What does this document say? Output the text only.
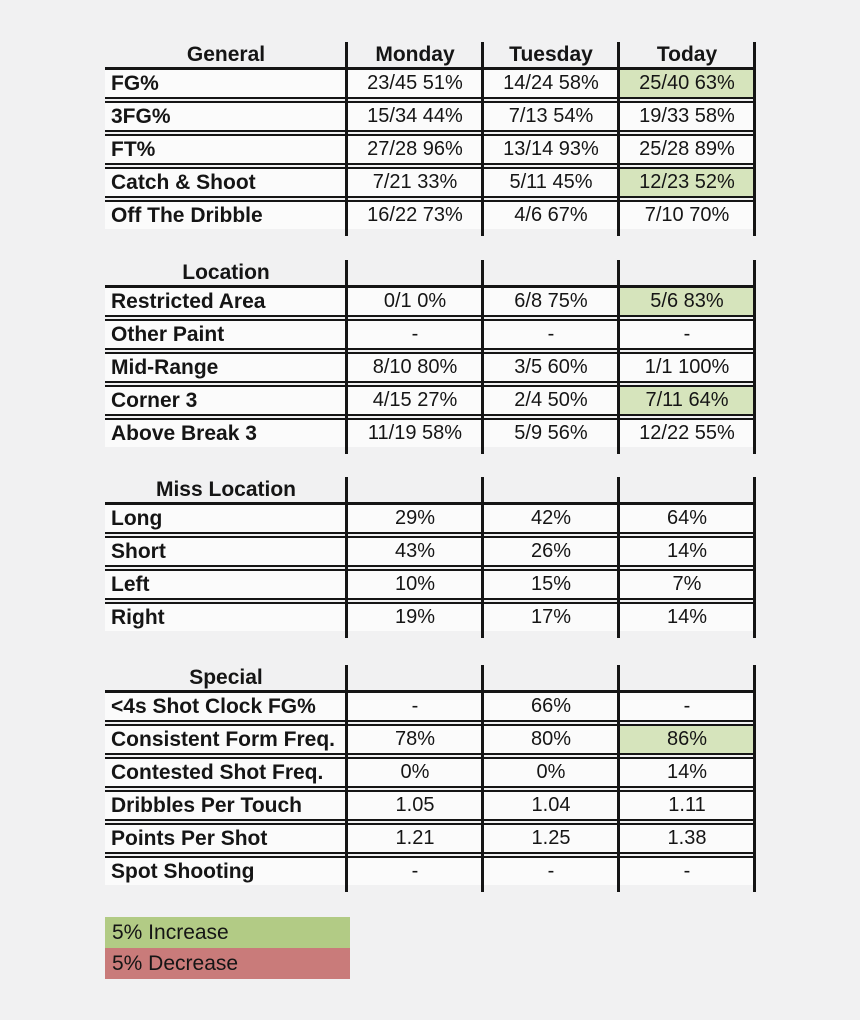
General	Monday	Tuesday	Today
FG%	23/45 51%	14/24 58%	25/40 63%
3FG%	15/34 44%	7/13 54%	19/33 58%
FT%	27/28 96%	13/14 93%	25/28 89%
Catch & Shoot	7/21 33%	5/11 45%	12/23 52%
Off The Dribble	16/22 73%	4/6 67%	7/10 70%
Location
Restricted Area	0/1 0%	6/8 75%	5/6 83%
Other Paint	-	-	-
Mid-Range	8/10 80%	3/5 60%	1/1 100%
Corner 3	4/15 27%	2/4 50%	7/11 64%
Above Break 3	11/19 58%	5/9 56%	12/22 55%
Miss Location
Long	29%	42%	64%
Short	43%	26%	14%
Left	10%	15%	7%
Right	19%	17%	14%
Special
<4s Shot Clock FG%	-	66%	-
Consistent Form Freq.	78%	80%	86%
Contested Shot Freq.	0%	0%	14%
Dribbles Per Touch	1.05	1.04	1.11
Points Per Shot	1.21	1.25	1.38
Spot Shooting	-	-	-
5% Increase
5% Decrease
